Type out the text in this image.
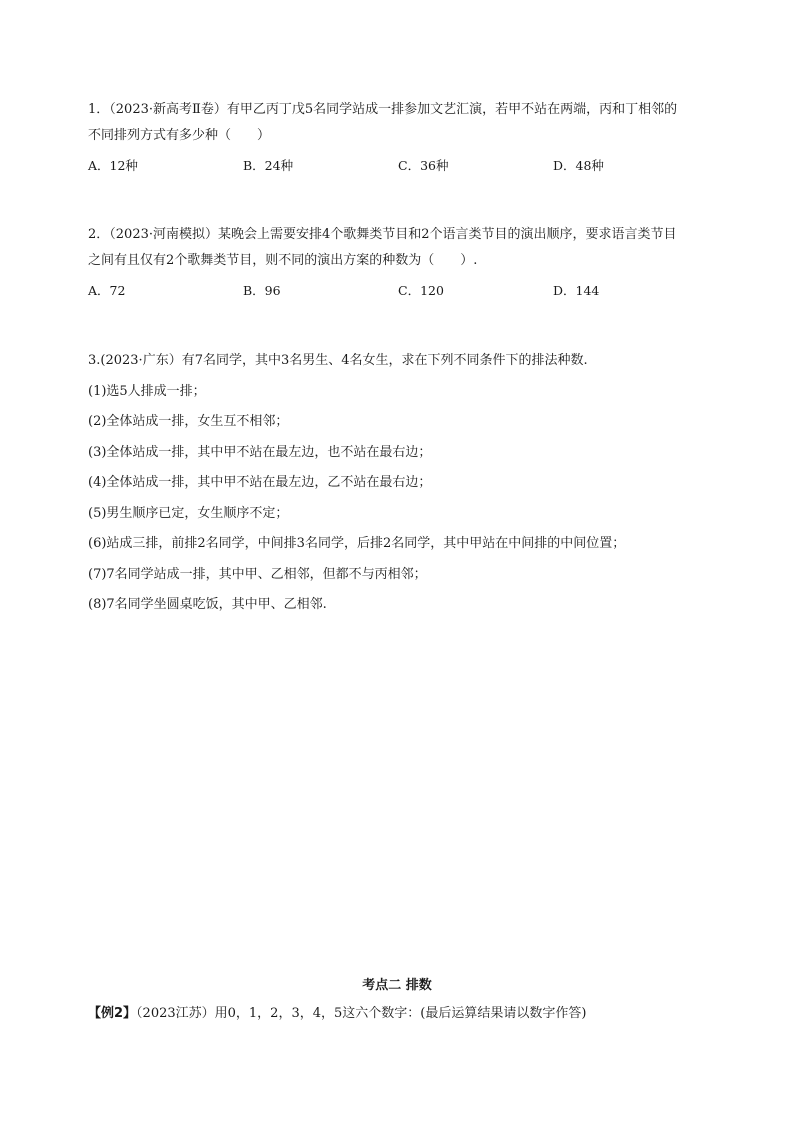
1．（2023·新高考Ⅱ卷）有甲乙丙丁戊5名同学站成一排参加文艺汇演，若甲不站在两端，丙和丁相邻的
不同排列方式有多少种（　　）
A．12种	B．24种	C．36种	D．48种
2．（2023·河南模拟）某晚会上需要安排4个歌舞类节目和2个语言类节目的演出顺序，要求语言类节目
之间有且仅有2个歌舞类节目，则不同的演出方案的种数为（　　）.
A．72	B．96	C．120	D．144
3.(2023·广东）有7名同学，其中3名男生、4名女生，求在下列不同条件下的排法种数.
(1)选5人排成一排；
(2)全体站成一排，女生互不相邻；
(3)全体站成一排，其中甲不站在最左边，也不站在最右边；
(4)全体站成一排，其中甲不站在最左边，乙不站在最右边；
(5)男生顺序已定，女生顺序不定；
(6)站成三排，前排2名同学，中间排3名同学，后排2名同学，其中甲站在中间排的中间位置；
(7)7名同学站成一排，其中甲、乙相邻，但都不与丙相邻；
(8)7名同学坐圆桌吃饭，其中甲、乙相邻.
考点二 排数
【例2】（2023江苏）用0，1，2，3，4，5这六个数字：(最后运算结果请以数字作答)
